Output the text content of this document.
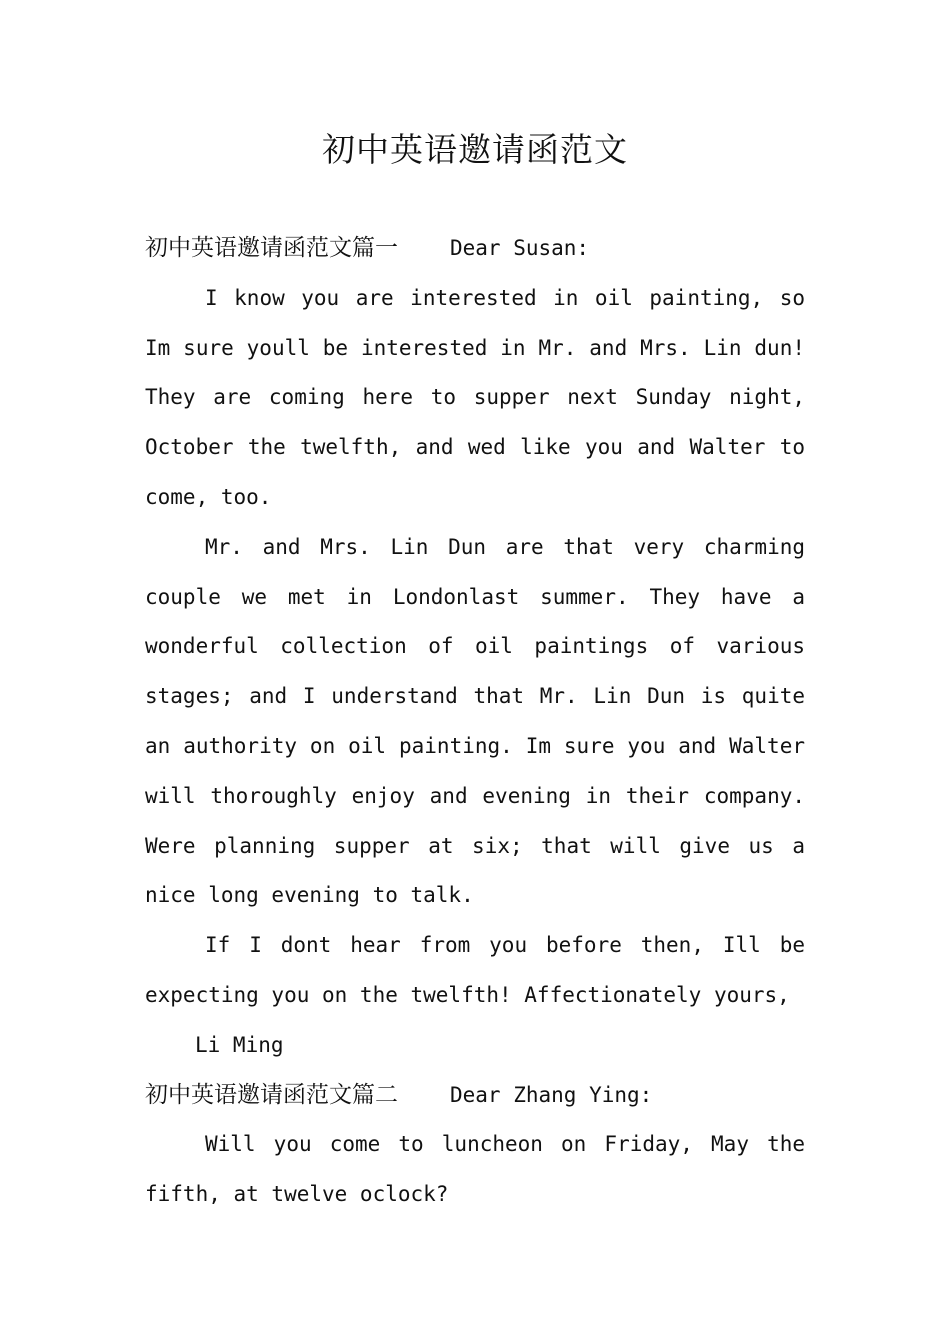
初中英语邀请函范文

初中英语邀请函范文篇一 Dear Susan:

I know you are interested in oil painting, so Im sure youll be interested in Mr. and Mrs. Lin dun! They are coming here to supper next Sunday night, October the twelfth, and wed like you and Walter to come, too.

Mr. and Mrs. Lin Dun are that very charming couple we met in Londonlast summer. They have a wonderful collection of oil paintings of various stages; and I understand that Mr. Lin Dun is quite an authority on oil painting. Im sure you and Walter will thoroughly enjoy and evening in their company. Were planning supper at six; that will give us a nice long evening to talk.

If I dont hear from you before then, Ill be expecting you on the twelfth! Affectionately yours,

Li Ming

初中英语邀请函范文篇二 Dear Zhang Ying:

Will you come to luncheon on Friday, May the fifth, at twelve oclock?
